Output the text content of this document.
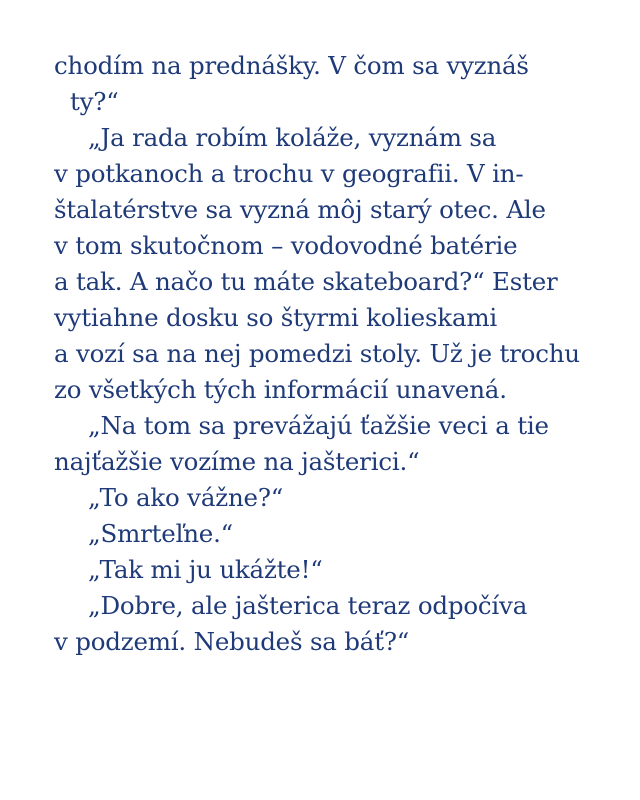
chodím na prednášky. V čom sa vyznáš
ty?“
„Ja rada robím koláže, vyznám sa
v potkanoch a trochu v geografii. V in-
štalatérstve sa vyzná môj starý otec. Ale
v tom skutočnom – vodovodné batérie
a tak. A načo tu máte skateboard?“ Ester
vytiahne dosku so štyrmi kolieskami
a vozí sa na nej pomedzi stoly. Už je trochu
zo všetkých tých informácií unavená.
„Na tom sa prevážajú ťažšie veci a tie
najťažšie vozíme na jašterici.“
„To ako vážne?“
„Smrteľne.“
„Tak mi ju ukážte!“
„Dobre, ale jašterica teraz odpočíva
v podzemí. Nebudeš sa báť?“
